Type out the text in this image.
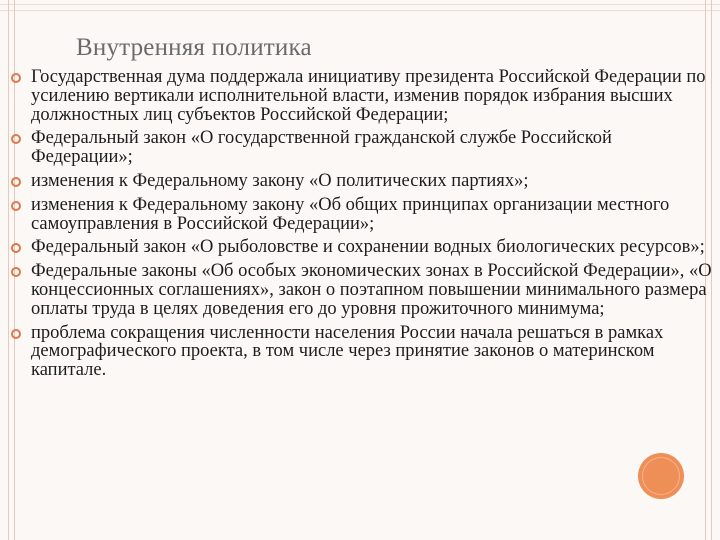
Внутренняя политика
Государственная дума поддержала инициативу президента Российской Федерации по усилению вертикали исполнительной власти, изменив порядок избрания высших должностных лиц субъектов Российской Федерации;
Федеральный закон «О государственной гражданской службе Российской Федерации»;
изменения к Федеральному закону «О политических партиях»;
изменения к Федеральному закону «Об общих принципах организации местного самоуправления в Российской Федерации»;
Федеральный закон «О рыболовстве и сохранении водных биологических ресурсов»;
Федеральные законы «Об особых экономических зонах в Российской Федерации», «О концессионных соглашениях», закон о поэтапном повышении минимального размера оплаты труда в целях доведения его до уровня прожиточного минимума;
проблема сокращения численности населения России начала решаться в рамках демографического проекта, в том числе через принятие законов о материнском капитале.
